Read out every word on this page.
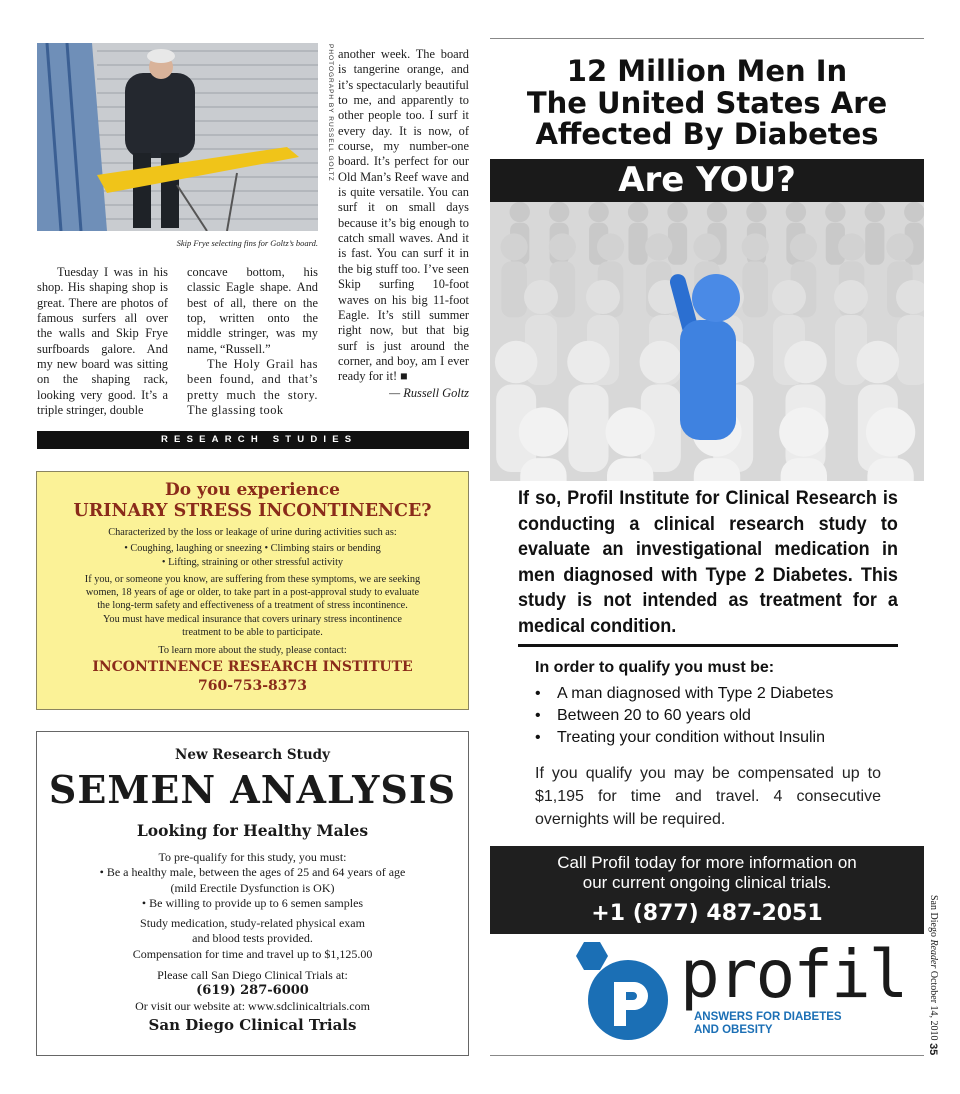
PHOTOGRAPH BY RUSSELL GOLTZ
Skip Frye selecting fins for Goltz’s board.

Tuesday I was in his shop. His shaping shop is great. There are photos of famous surfers all over the walls and Skip Frye surfboards galore. And my new board was sitting on the shaping rack, looking very good. It’s a triple stringer, double

concave bottom, his classic Eagle shape. And best of all, there on the top, written onto the middle stringer, was my name, “Russell.”

The Holy Grail has been found, and that’s pretty much the story. The glassing took

another week. The board is tangerine orange, and it’s spectacularly beautiful to me, and apparently to other people too. I surf it every day. It is now, of course, my number-one board. It’s perfect for our Old Man’s Reef wave and is quite versatile. You can surf it on small days because it’s big enough to catch small waves. And it is fast. You can surf it in the big stuff too. I’ve seen Skip surfing 10-foot waves on his big 11-foot Eagle. It’s still summer right now, but that big surf is just around the corner, and boy, am I ever ready for it! ■

— Russell Goltz
RESEARCH STUDIES
Do you experience
URINARY STRESS INCONTINENCE?
Characterized by the loss or leakage of urine during activities such as:
• Coughing, laughing or sneezing • Climbing stairs or bending
• Lifting, straining or other stressful activity
If you, or someone you know, are suffering from these symptoms, we are seeking
women, 18 years of age or older, to take part in a post-approval study to evaluate
the long-term safety and effectiveness of a treatment of stress incontinence.
You must have medical insurance that covers urinary stress incontinence
treatment to be able to participate.
To learn more about the study, please contact:
INCONTINENCE RESEARCH INSTITUTE
760-753-8373
New Research Study
SEMEN ANALYSIS
Looking for Healthy Males
To pre-qualify for this study, you must:
• Be a healthy male, between the ages of 25 and 64 years of age
(mild Erectile Dysfunction is OK)
• Be willing to provide up to 6 semen samples
Study medication, study-related physical exam
and blood tests provided.
Compensation for time and travel up to $1,125.00
Please call San Diego Clinical Trials at:
(619) 287-6000
Or visit our website at: www.sdclinicaltrials.com
San Diego Clinical Trials
12 Million Men In
The United States Are
Affected By Diabetes
Are YOU?
If so, Profil Institute for Clinical Research is conducting a clinical research study to evaluate an investigational medication in men diagnosed with Type 2 Diabetes. This study is not intended as treatment for a medical condition.
In order to qualify you must be:
• A man diagnosed with Type 2 Diabetes
• Between 20 to 60 years old
• Treating your condition without Insulin
If you qualify you may be compensated up to $1,195 for time and travel. 4 consecutive overnights will be required.
Call Profil today for more information on
our current ongoing clinical trials.
+1 (877) 487-2051
profil
ANSWERS FOR DIABETES
AND OBESITY
San Diego Reader October 14, 2010 35
